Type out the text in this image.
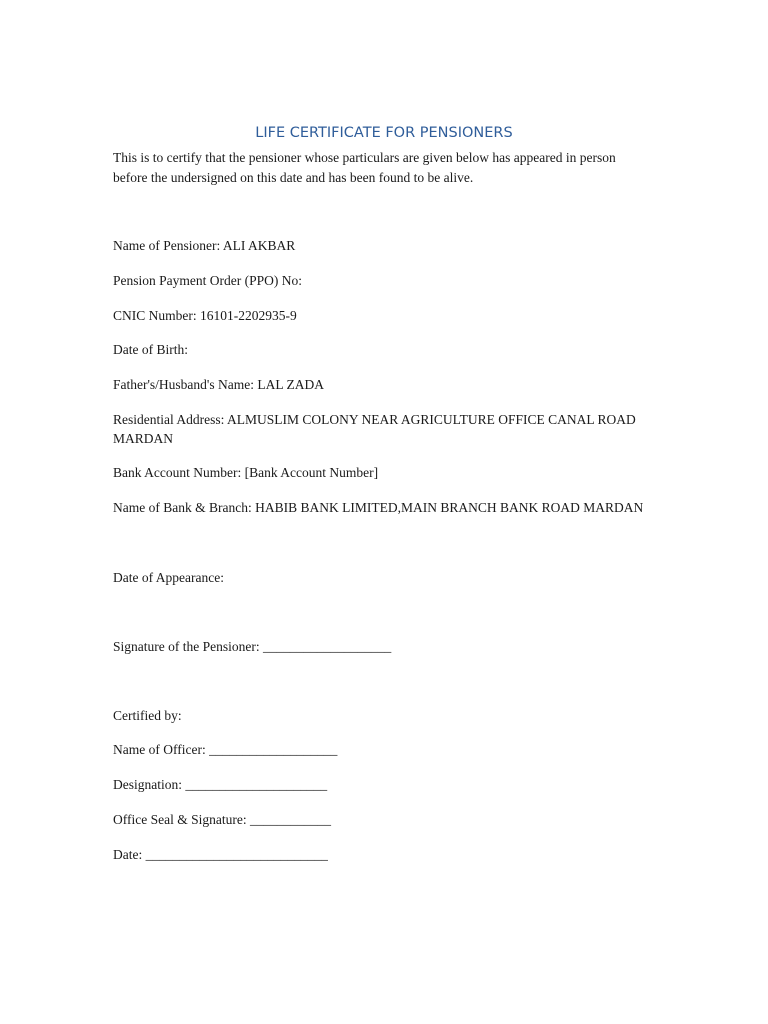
LIFE CERTIFICATE FOR PENSIONERS
This is to certify that the pensioner whose particulars are given below has appeared in person before the undersigned on this date and has been found to be alive.
Name of Pensioner: ALI AKBAR
Pension Payment Order (PPO) No:
CNIC Number: 16101-2202935-9
Date of Birth:
Father's/Husband's Name: LAL ZADA
Residential Address: ALMUSLIM COLONY NEAR AGRICULTURE OFFICE CANAL ROAD MARDAN
Bank Account Number: [Bank Account Number]
Name of Bank & Branch: HABIB BANK LIMITED,MAIN BRANCH BANK ROAD MARDAN
Date of Appearance:
Signature of the Pensioner: ___________________
Certified by:
Name of Officer: ___________________
Designation: _____________________
Office Seal & Signature: ____________
Date: ___________________________
